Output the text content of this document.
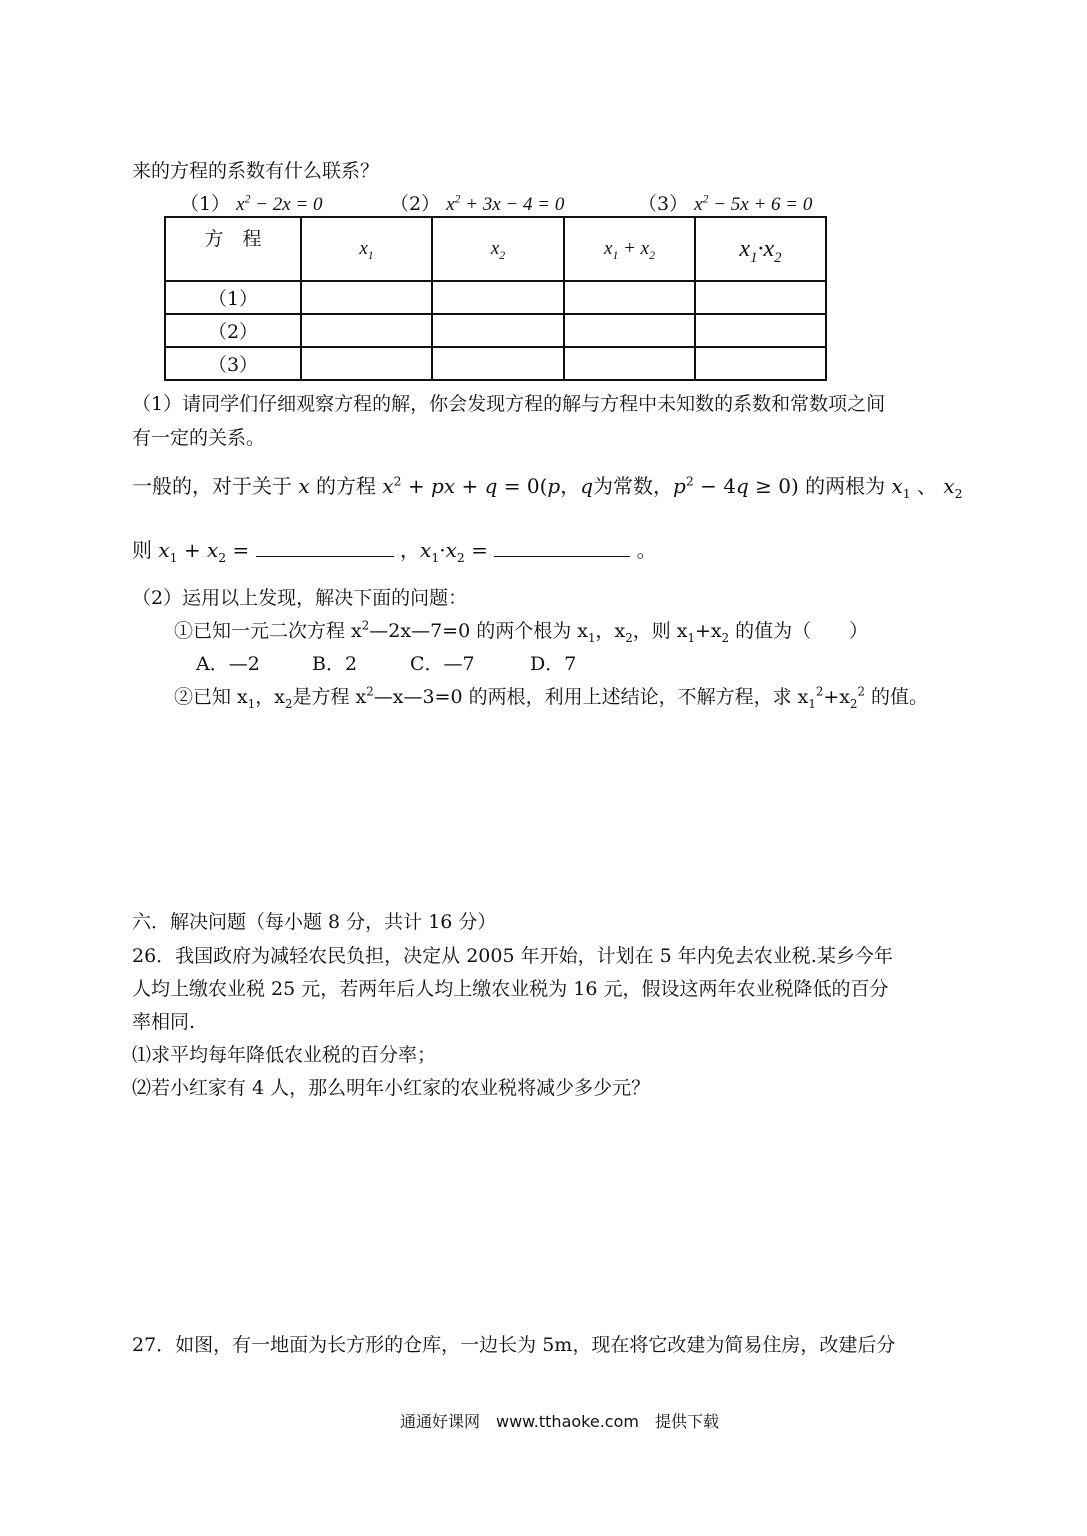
来的方程的系数有什么联系？
（1） $x^2 - 2x = 0$	（2） $x^2 + 3x - 4 = 0$	（3） $x^2 - 5x + 6 = 0$
方　程	$x_1$	$x_2$	$x_1 + x_2$	$x_1\cdot x_2$
（1）				
（2）				
（3）				
（1）请同学们仔细观察方程的解，你会发现方程的解与方程中未知数的系数和常数项之间
有一定的关系。
一般的，对于关于 x 的方程 $x^2$ + px + q = 0(p，q为常数，$p^2 - 4q \ge 0$) 的两根为 $x_1$ 、 $x_2$
则 $x_1 + x_2$ =	，$x_1\cdot x_2$ =	。
（2）运用以上发现，解决下面的问题：
①已知一元二次方程 $x^2—2x—7=0$ 的两个根为 $x_1$，$x_2$，则 $x_1+x_2$ 的值为（　　）
A．—2	B．2	C．—7	D．7
②已知 $x_1$，$x_2$是方程 $x^2—x—3=0$ 的两根，利用上述结论，不解方程，求 $x_1^2+x_2^2$ 的值。
六．解决问题（每小题 8 分，共计 16 分）
26．我国政府为减轻农民负担，决定从 2005 年开始，计划在 5 年内免去农业税.某乡今年
人均上缴农业税 25 元，若两年后人均上缴农业税为 16 元，假设这两年农业税降低的百分
率相同.
⑴求平均每年降低农业税的百分率；
⑵若小红家有 4 人，那么明年小红家的农业税将减少多少元？
27．如图，有一地面为长方形的仓库，一边长为 5m，现在将它改建为简易住房，改建后分
通通好课网　www.tthaoke.com　提供下载
